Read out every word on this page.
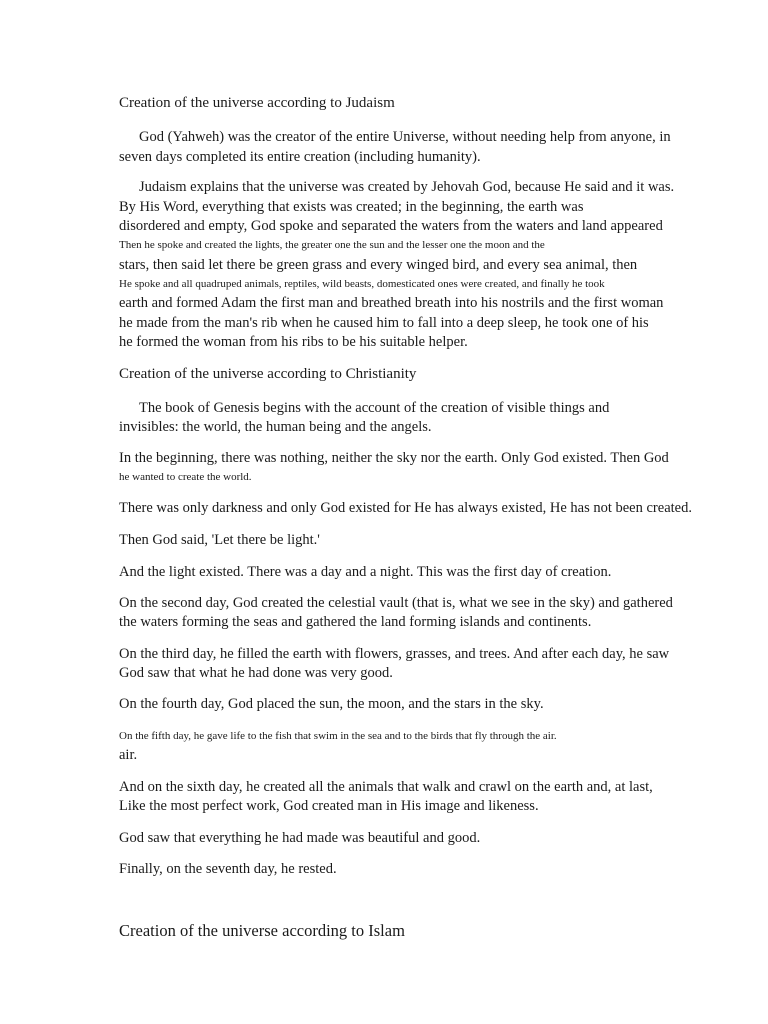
Creation of the universe according to Judaism

God (Yahweh) was the creator of the entire Universe, without needing help from anyone, in

seven days completed its entire creation (including humanity).

Judaism explains that the universe was created by Jehovah God, because He said and it was.

By His Word, everything that exists was created; in the beginning, the earth was

disordered and empty, God spoke and separated the waters from the waters and land appeared

Then he spoke and created the lights, the greater one the sun and the lesser one the moon and the

stars, then said let there be green grass and every winged bird, and every sea animal, then

He spoke and all quadruped animals, reptiles, wild beasts, domesticated ones were created, and finally he took

earth and formed Adam the first man and breathed breath into his nostrils and the first woman

he made from the man's rib when he caused him to fall into a deep sleep, he took one of his

he formed the woman from his ribs to be his suitable helper.

Creation of the universe according to Christianity

The book of Genesis begins with the account of the creation of visible things and

invisibles: the world, the human being and the angels.

In the beginning, there was nothing, neither the sky nor the earth. Only God existed. Then God

he wanted to create the world.

There was only darkness and only God existed for He has always existed, He has not been created.

Then God said, 'Let there be light.'

And the light existed. There was a day and a night. This was the first day of creation.

On the second day, God created the celestial vault (that is, what we see in the sky) and gathered

the waters forming the seas and gathered the land forming islands and continents.

On the third day, he filled the earth with flowers, grasses, and trees. And after each day, he saw

God saw that what he had done was very good.

On the fourth day, God placed the sun, the moon, and the stars in the sky.

On the fifth day, he gave life to the fish that swim in the sea and to the birds that fly through the air.

air.

And on the sixth day, he created all the animals that walk and crawl on the earth and, at last,

Like the most perfect work, God created man in His image and likeness.

God saw that everything he had made was beautiful and good.

Finally, on the seventh day, he rested.

Creation of the universe according to Islam
